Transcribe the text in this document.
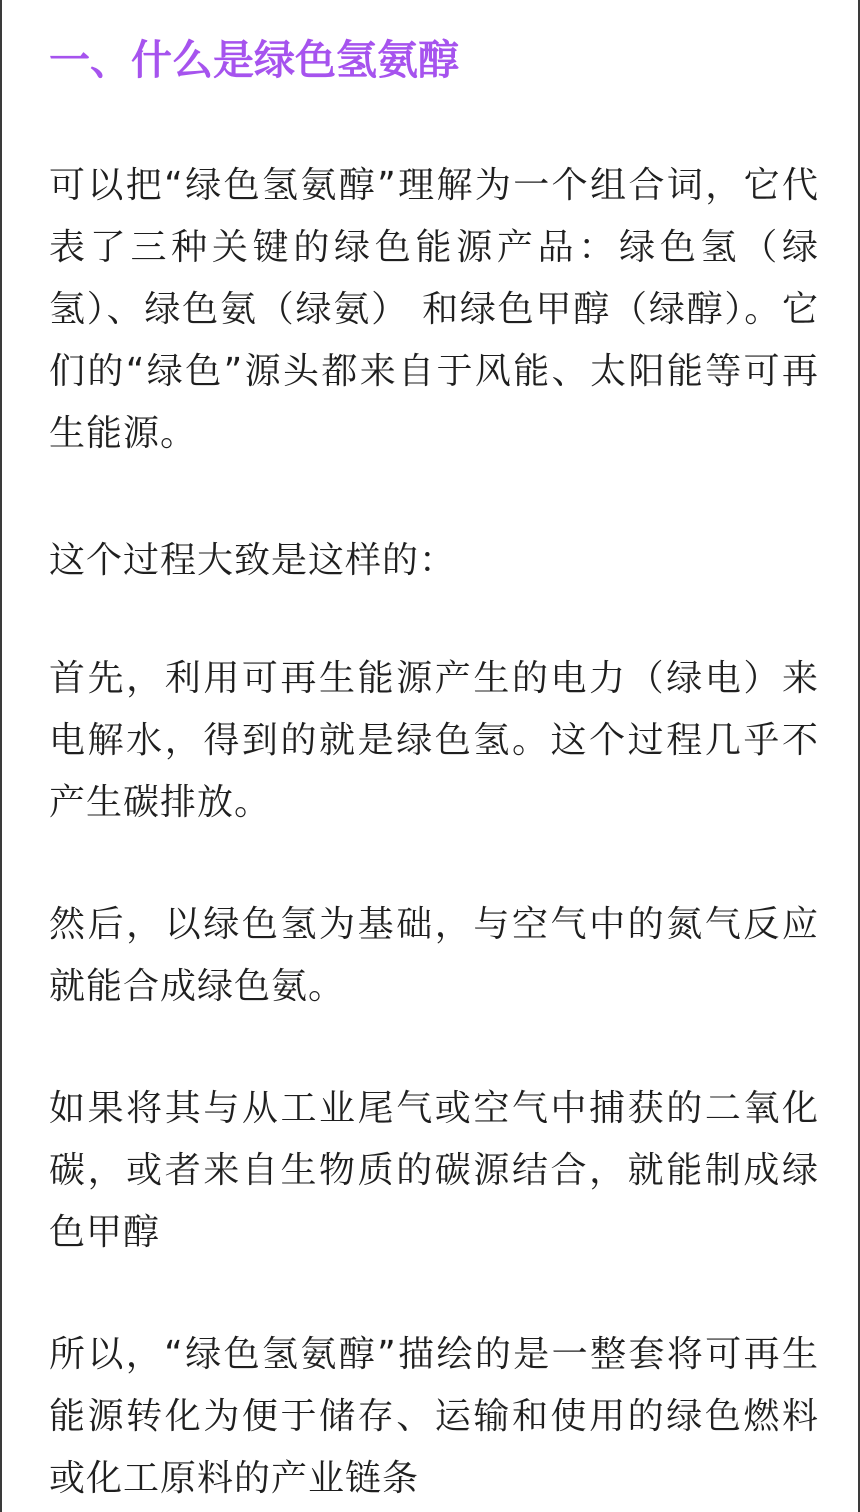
一、什么是绿色氢氨醇

可以把“绿色氢氨醇”理解为一个组合词，它代表了三种关键的绿色能源产品：绿色氢（绿氢）、绿色氨（绿氨） 和绿色甲醇（绿醇）。它们的“绿色”源头都来自于风能、太阳能等可再生能源。

这个过程大致是这样的：

首先，利用可再生能源产生的电力（绿电）来电解水，得到的就是绿色氢。这个过程几乎不产生碳排放。

然后，以绿色氢为基础，与空气中的氮气反应就能合成绿色氨。

如果将其与从工业尾气或空气中捕获的二氧化碳，或者来自生物质的碳源结合，就能制成绿色甲醇

所以，“绿色氢氨醇”描绘的是一整套将可再生能源转化为便于储存、运输和使用的绿色燃料或化工原料的产业链条
